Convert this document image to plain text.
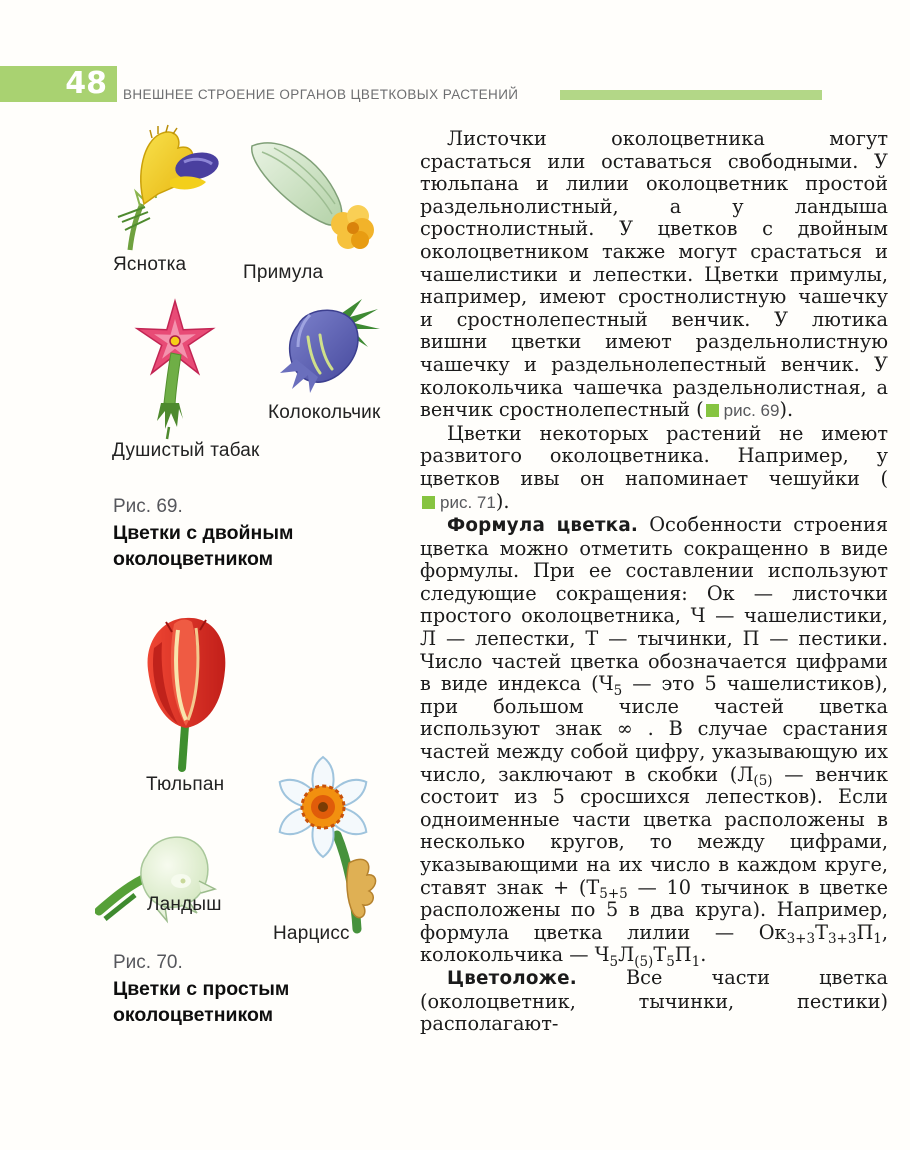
48 ВНЕШНЕЕ СТРОЕНИЕ ОРГАНОВ ЦВЕТКОВЫХ РАСТЕНИЙ
Яснотка	Примула
Душистый табак
Колокольчик
Рис. 69.
Цветки с двойным околоцветником
Тюльпан
Ландыш
Нарцисс
Рис. 70.
Цветки с простым околоцветником

Листочки околоцветника могут срастаться или оставаться свободными. У тюльпана и лилии околоцветник простой раздельнолистный, а у ландыша сростнолистный. У цветков с двойным околоцветником также могут срастаться и чашелистики и лепестки. Цветки примулы, например, имеют сростнолистную чашечку и сростнолепестный венчик. У лютика вишни цветки имеют раздельнолистную чашечку и раздельнолепестный венчик. У колокольчика чашечка раздельнолистная, а венчик сростнолепестный ( рис. 69).

Цветки некоторых растений не имеют развитого околоцветника. Например, у цветков ивы он напоминает чешуйки (рис. 71).

Формула цветка. Особенности строения цветка можно отметить сокращенно в виде формулы. При ее составлении используют следующие сокращения: Ок — листочки простого околоцветника, Ч — чашелистики, Л — лепестки, Т — тычинки, П — пестики. Число частей цветка обозначается цифрами в виде индекса ($Ч_5$ — это 5 чашелистиков), при большом числе частей цветка используют знак ∞ . В случае срастания частей между собой цифру, указывающую их число, заключают в скобки ($Л_{(5)}$ — венчик состоит из 5 сросшихся лепестков). Если одноименные части цветка расположены в несколько кругов, то между цифрами, указывающими на их число в каждом круге, ставят знак + ($Т_{5+5}$ — 10 тычинок в цветке расположены по 5 в два круга). Например, формула цветка лилии — $Ок_{3+3}Т_{3+3}П_1$, колокольчика — $Ч_5Л_{(5)}Т_5П_1$.

Цветоложе. Все части цветка (околоцветник, тычинки, пестики) располагают-
